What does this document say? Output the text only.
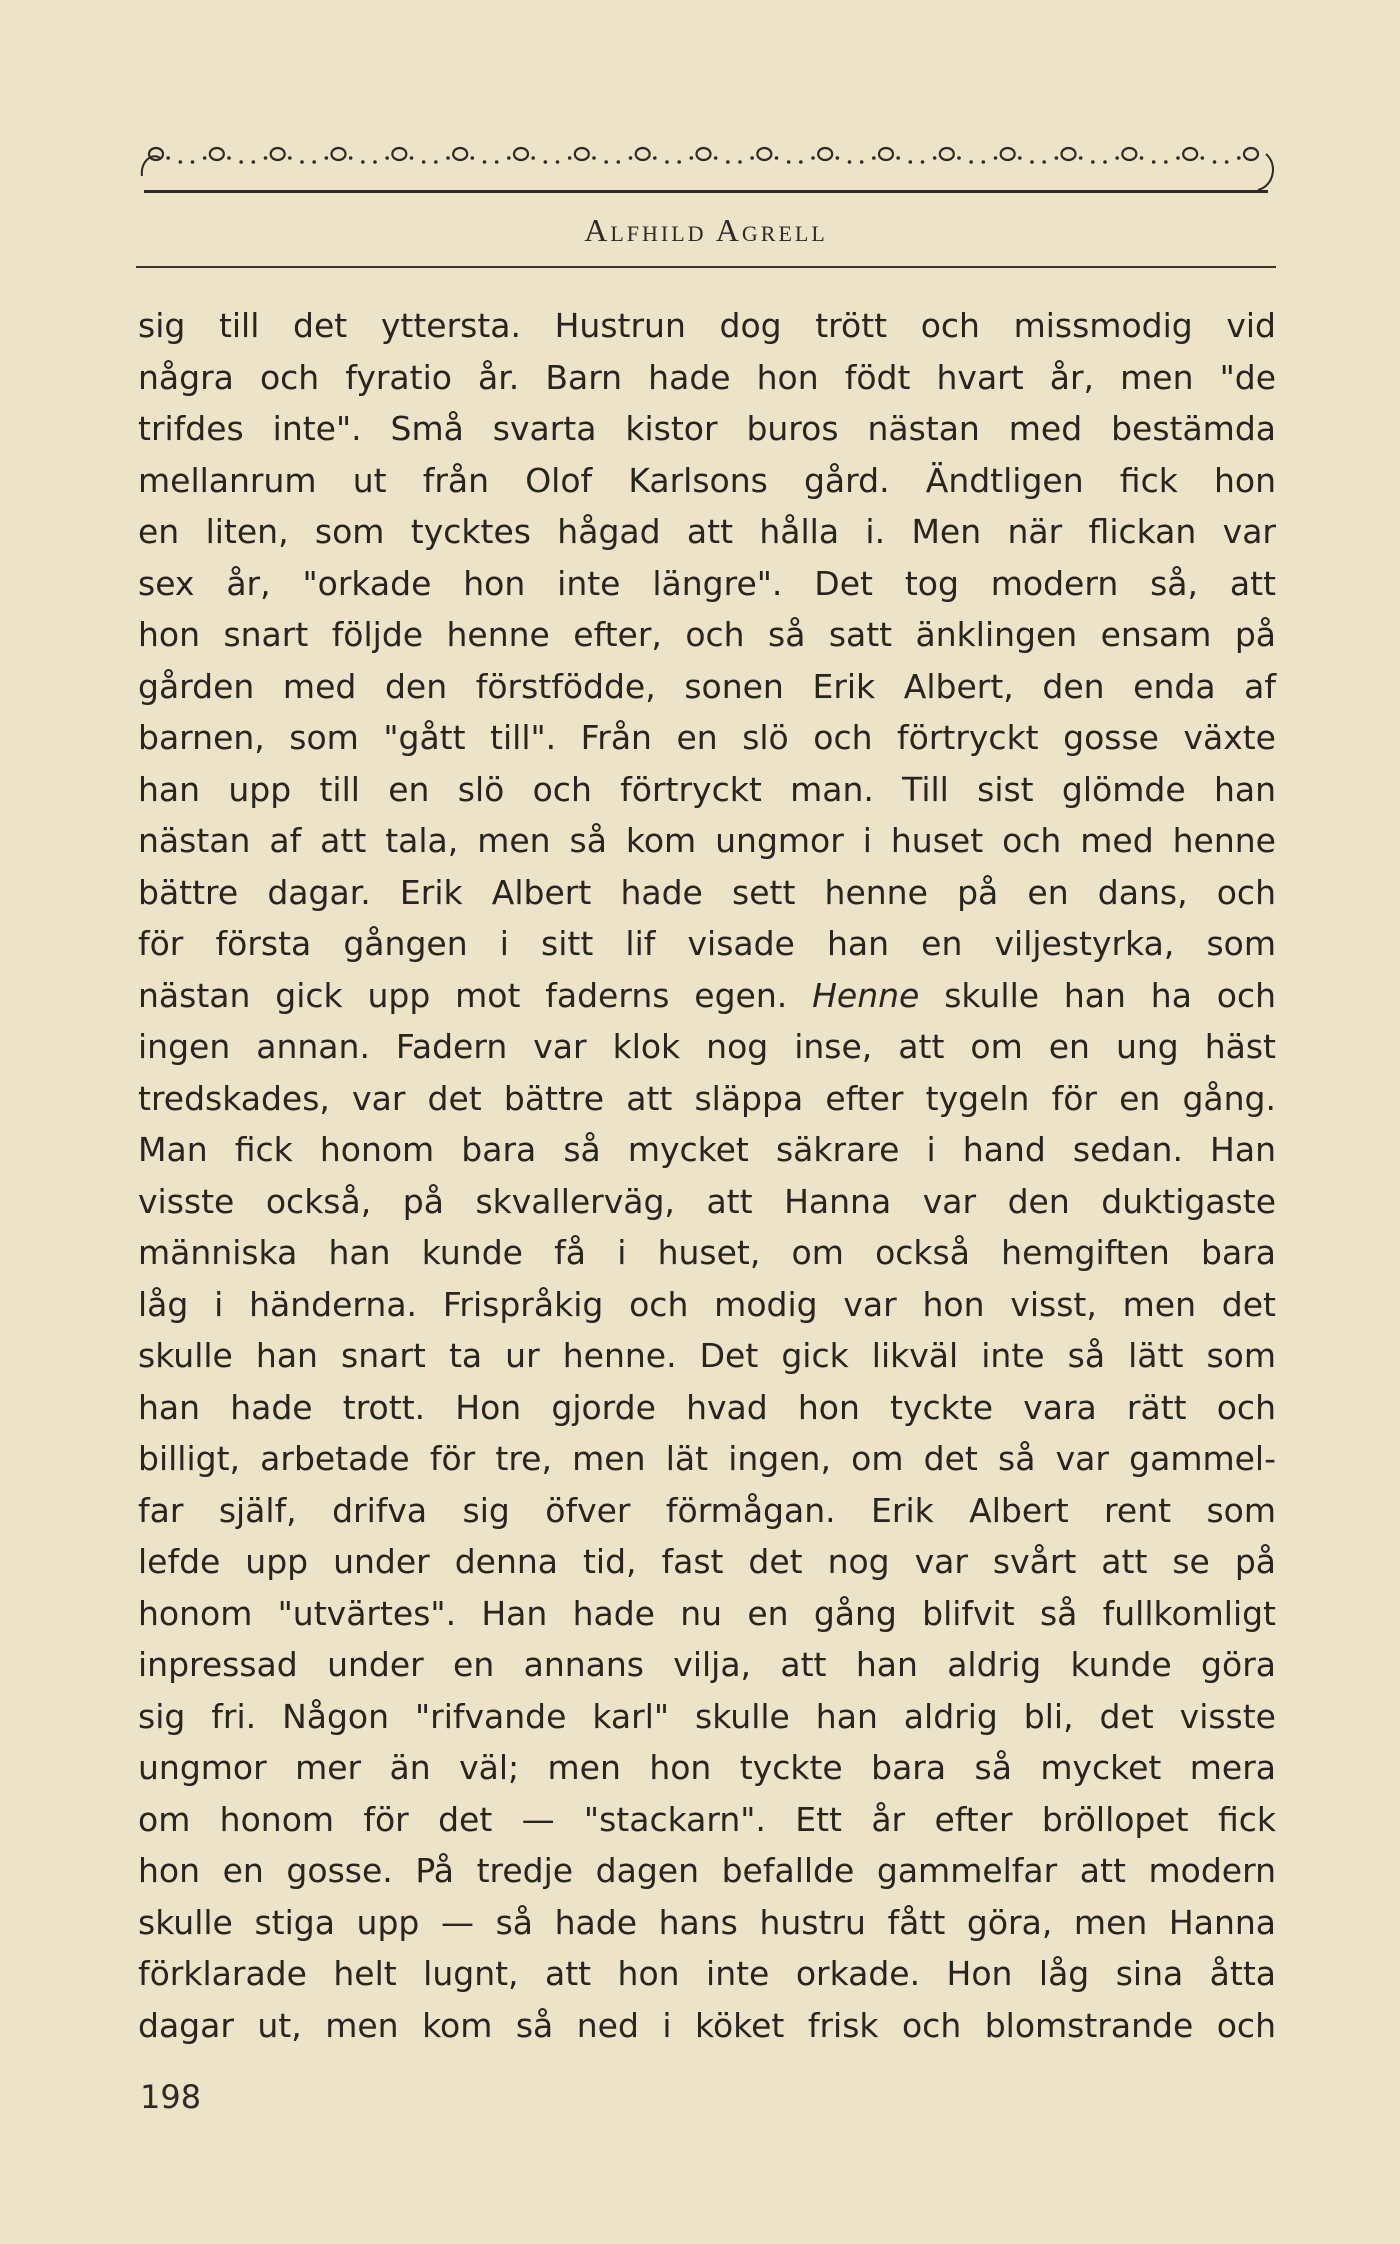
Alfhild Agrell
sig till det yttersta. Hustrun dog trött och missmodig vid
några och fyratio år. Barn hade hon födt hvart år, men "de
trifdes inte". Små svarta kistor buros nästan med bestämda
mellanrum ut från Olof Karlsons gård. Ändtligen fick hon
en liten, som tycktes hågad att hålla i. Men när flickan var
sex år, "orkade hon inte längre". Det tog modern så, att
hon snart följde henne efter, och så satt änklingen ensam på
gården med den förstfödde, sonen Erik Albert, den enda af
barnen, som "gått till". Från en slö och förtryckt gosse växte
han upp till en slö och förtryckt man. Till sist glömde han
nästan af att tala, men så kom ungmor i huset och med henne
bättre dagar. Erik Albert hade sett henne på en dans, och
för första gången i sitt lif visade han en viljestyrka, som
nästan gick upp mot faderns egen. Henne skulle han ha och
ingen annan. Fadern var klok nog inse, att om en ung häst
tredskades, var det bättre att släppa efter tygeln för en gång.
Man fick honom bara så mycket säkrare i hand sedan. Han
visste också, på skvallerväg, att Hanna var den duktigaste
människa han kunde få i huset, om också hemgiften bara
låg i händerna. Frispråkig och modig var hon visst, men det
skulle han snart ta ur henne. Det gick likväl inte så lätt som
han hade trott. Hon gjorde hvad hon tyckte vara rätt och
billigt, arbetade för tre, men lät ingen, om det så var gammel-
far själf, drifva sig öfver förmågan. Erik Albert rent som
lefde upp under denna tid, fast det nog var svårt att se på
honom "utvärtes". Han hade nu en gång blifvit så fullkomligt
inpressad under en annans vilja, att han aldrig kunde göra
sig fri. Någon "rifvande karl" skulle han aldrig bli, det visste
ungmor mer än väl; men hon tyckte bara så mycket mera
om honom för det — "stackarn". Ett år efter bröllopet fick
hon en gosse. På tredje dagen befallde gammelfar att modern
skulle stiga upp — så hade hans hustru fått göra, men Hanna
förklarade helt lugnt, att hon inte orkade. Hon låg sina åtta
dagar ut, men kom så ned i köket frisk och blomstrande och
198
